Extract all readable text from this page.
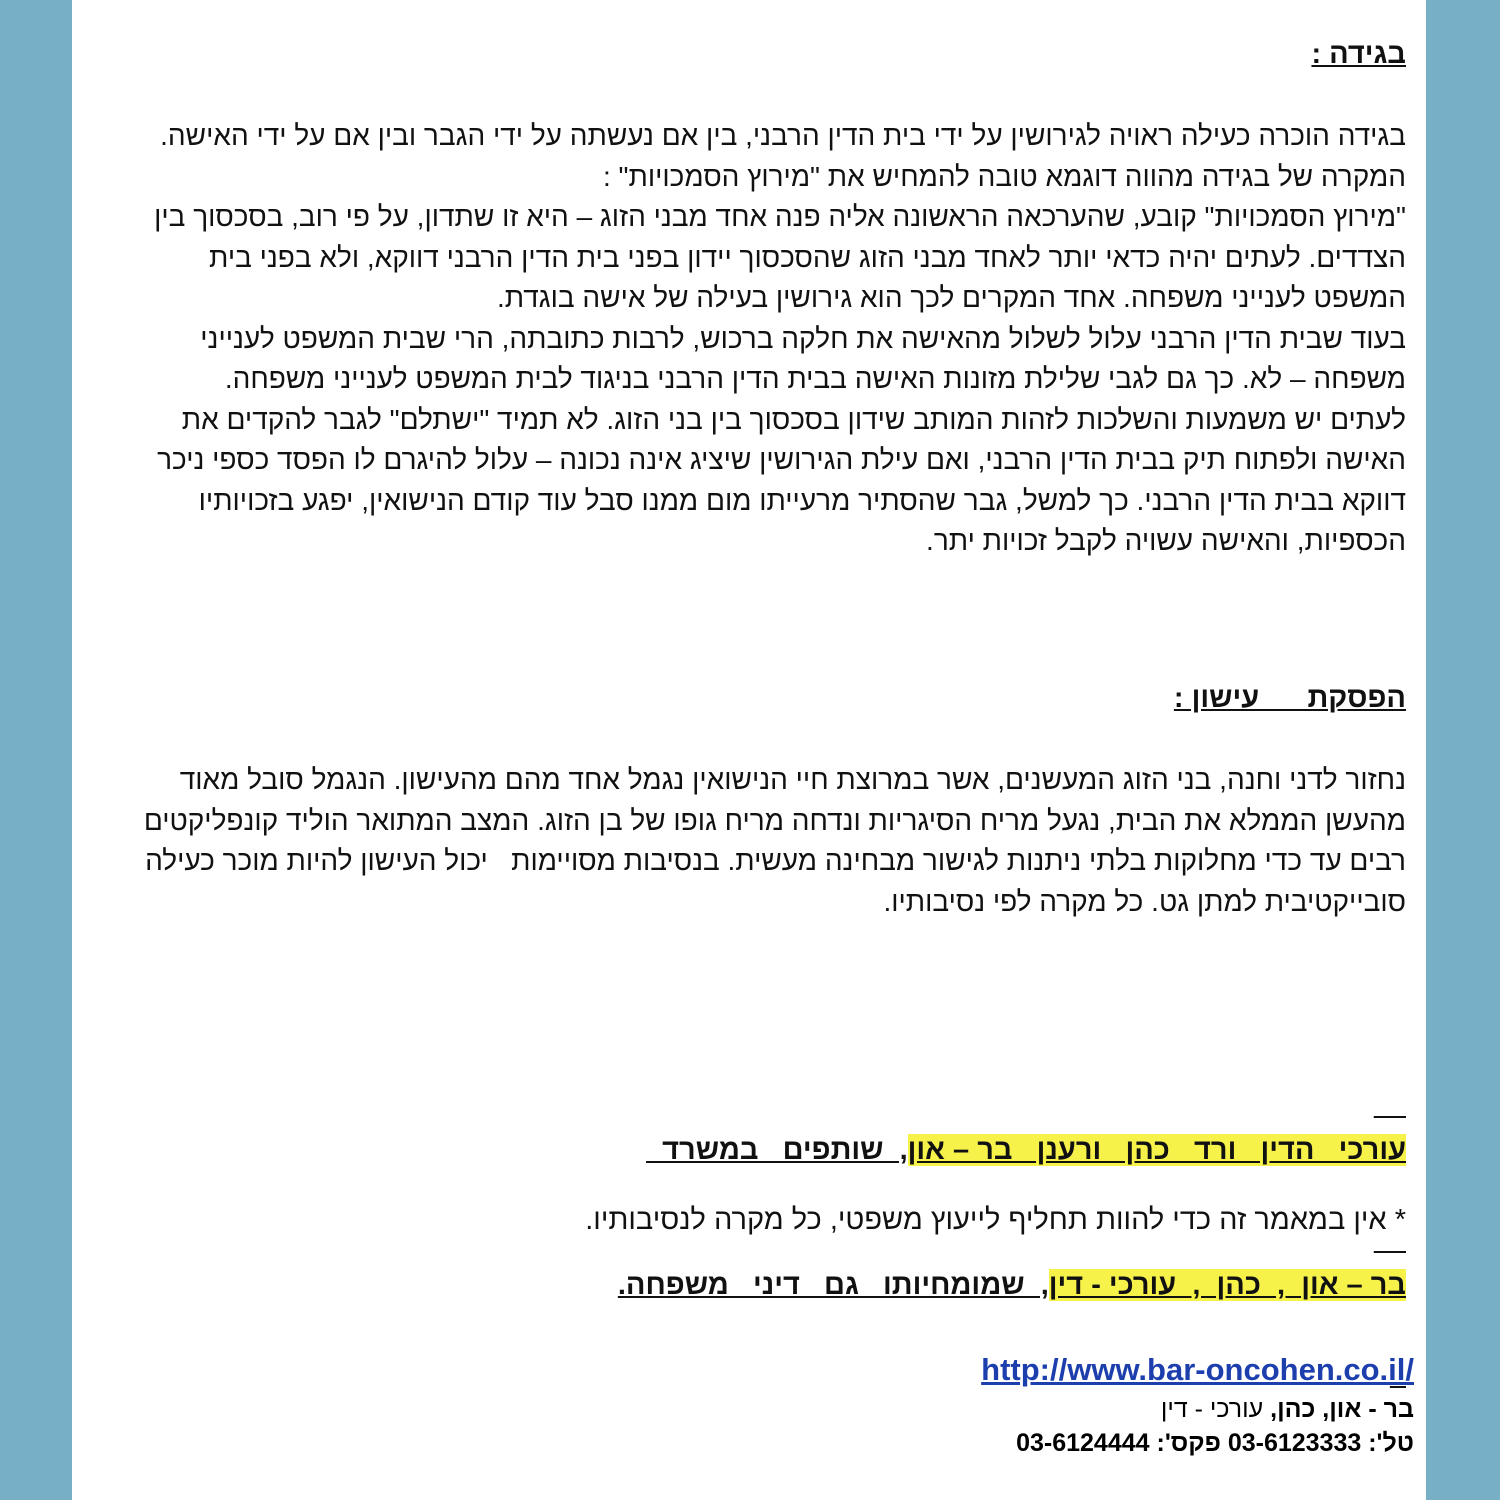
בגידה :

בגידה הוכרה כעילה ראויה לגירושין על ידי בית הדין הרבני, בין אם נעשתה על ידי הגבר ובין אם על ידי האישה. המקרה של בגידה מהווה דוגמא טובה להמחיש את "מירוץ הסמכויות" :
"מירוץ הסמכויות" קובע, שהערכאה הראשונה אליה פנה אחד מבני הזוג – היא זו שתדון, על פי רוב, בסכסוך בין הצדדים. לעתים יהיה כדאי יותר לאחד מבני הזוג שהסכסוך יידון בפני בית הדין הרבני דווקא, ולא בפני בית המשפט לענייני משפחה. אחד המקרים לכך הוא גירושין בעילה של אישה בוגדת.
בעוד שבית הדין הרבני עלול לשלול מהאישה את חלקה ברכוש, לרבות כתובתה, הרי שבית המשפט לענייני משפחה – לא. כך גם לגבי שלילת מזונות האישה בבית הדין הרבני בניגוד לבית המשפט לענייני משפחה. לעתים יש משמעות והשלכות לזהות המותב שידון בסכסוך בין בני הזוג. לא תמיד "ישתלם" לגבר להקדים את האישה ולפתוח תיק בבית הדין הרבני, ואם עילת הגירושין שיציג אינה נכונה – עלול להיגרם לו הפסד כספי ניכר דווקא בבית הדין הרבני. כך למשל, גבר שהסתיר מרעייתו מום ממנו סבל עוד קודם הנישואין, יפגע בזכויותיו הכספיות, והאישה עשויה לקבל זכויות יתר.

הפסקת      עישון :

נחזור לדני וחנה, בני הזוג המעשנים, אשר במרוצת חיי הנישואין נגמל אחד מהם מהעישון. הנגמל סובל מאוד מהעשן הממלא את הבית, נגעל מריח הסיגריות ונדחה מריח גופו של בן הזוג. המצב המתואר הוליד קונפליקטים רבים עד כדי מחלוקות בלתי ניתנות לגישור מבחינה מעשית. בנסיבות מסויימות   יכול העישון להיות מוכר כעילה סובייקטיבית למתן גט. כל מקרה לפי נסיבותיו.

עורכי   הדין   ורד   כהן   ורענן   בר – און,  שותפים   במשרד

בר – און  ,  כהן  ,  עורכי - דין,  שמומחיותו   גם   דיני   משפחה.

* אין במאמר זה כדי להוות תחליף לייעוץ משפטי, כל מקרה לנסיבותיו.
http://www.bar-oncohen.co.il/
בר - און, כהן, עורכי - דין
טל': 03-6123333 פקס': 03-6124444
